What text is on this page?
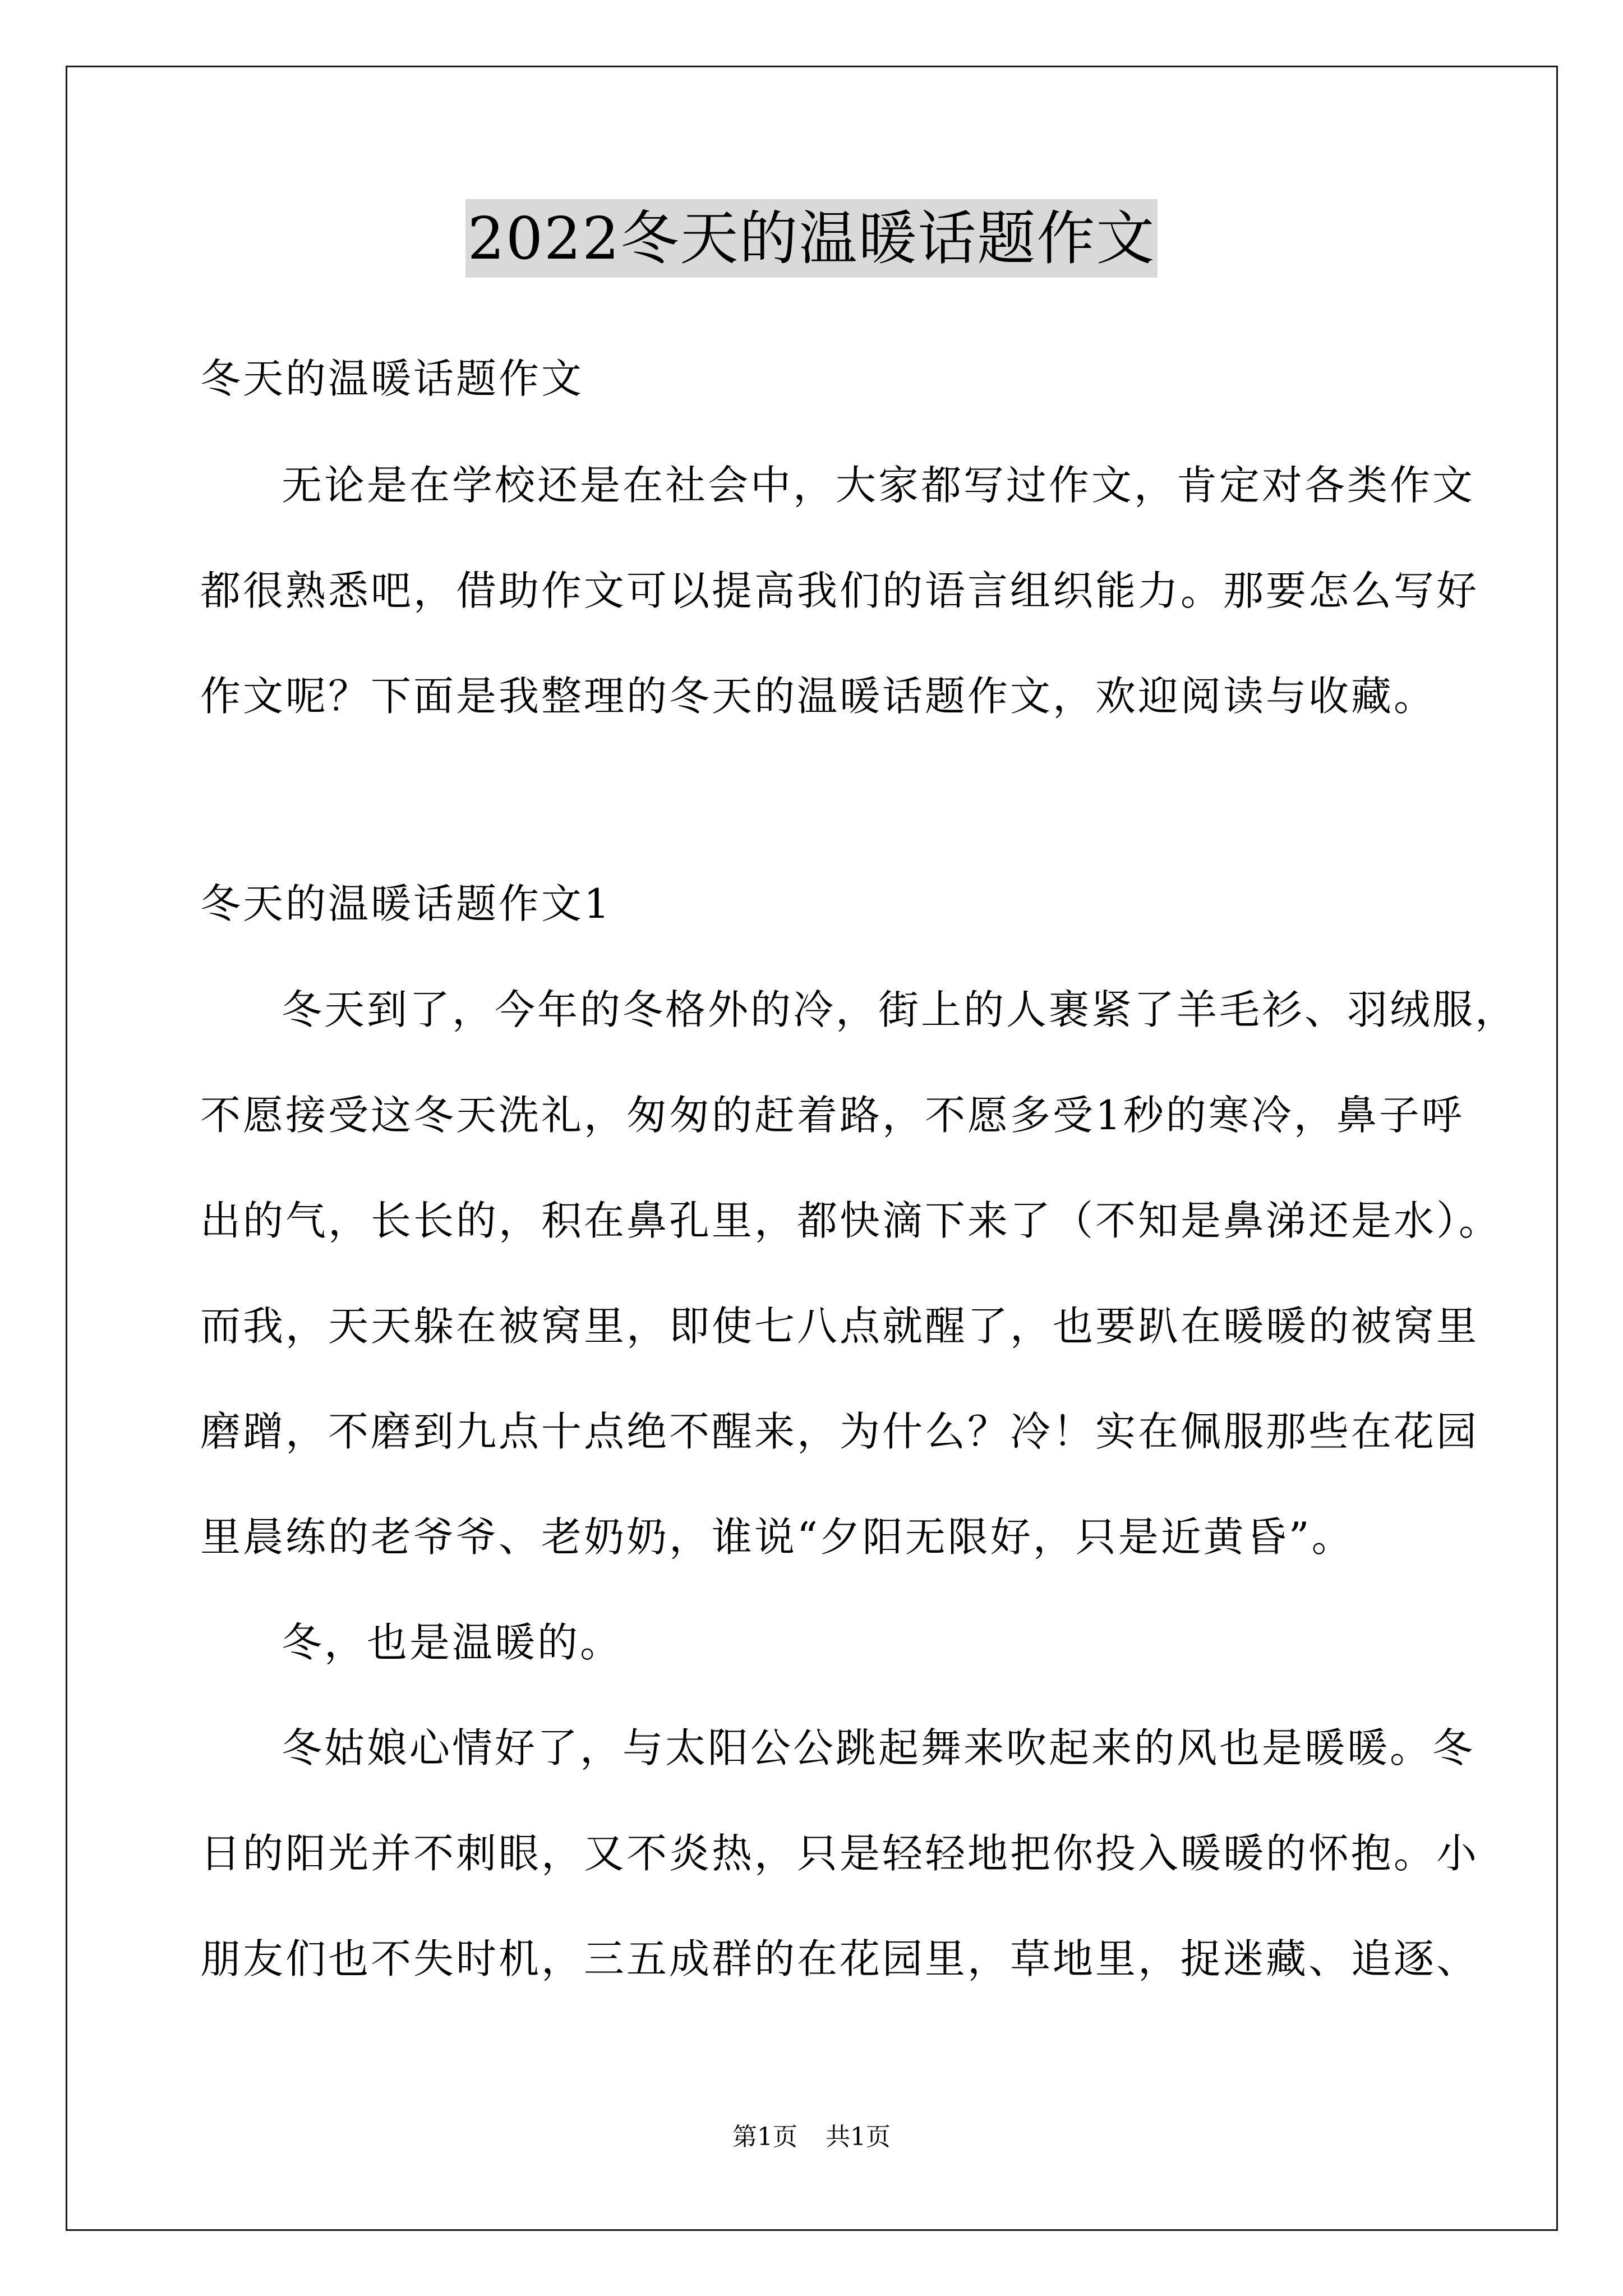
2022冬天的温暖话题作文
冬天的温暖话题作文
无论是在学校还是在社会中，大家都写过作文，肯定对各类作文
都很熟悉吧，借助作文可以提高我们的语言组织能力。那要怎么写好
作文呢？下面是我整理的冬天的温暖话题作文，欢迎阅读与收藏。
冬天的温暖话题作文1
冬天到了，今年的冬格外的冷，街上的人裹紧了羊毛衫、羽绒服，
不愿接受这冬天洗礼，匆匆的赶着路，不愿多受1秒的寒冷，鼻子呼
出的气，长长的，积在鼻孔里，都快滴下来了（不知是鼻涕还是水）。
而我，天天躲在被窝里，即使七八点就醒了，也要趴在暖暖的被窝里
磨蹭，不磨到九点十点绝不醒来，为什么？冷！实在佩服那些在花园
里晨练的老爷爷、老奶奶，谁说“夕阳无限好，只是近黄昏”。
冬，也是温暖的。
冬姑娘心情好了，与太阳公公跳起舞来吹起来的风也是暖暖。冬
日的阳光并不刺眼，又不炎热，只是轻轻地把你投入暖暖的怀抱。小
朋友们也不失时机，三五成群的在花园里，草地里，捉迷藏、追逐、
第1页 共1页
